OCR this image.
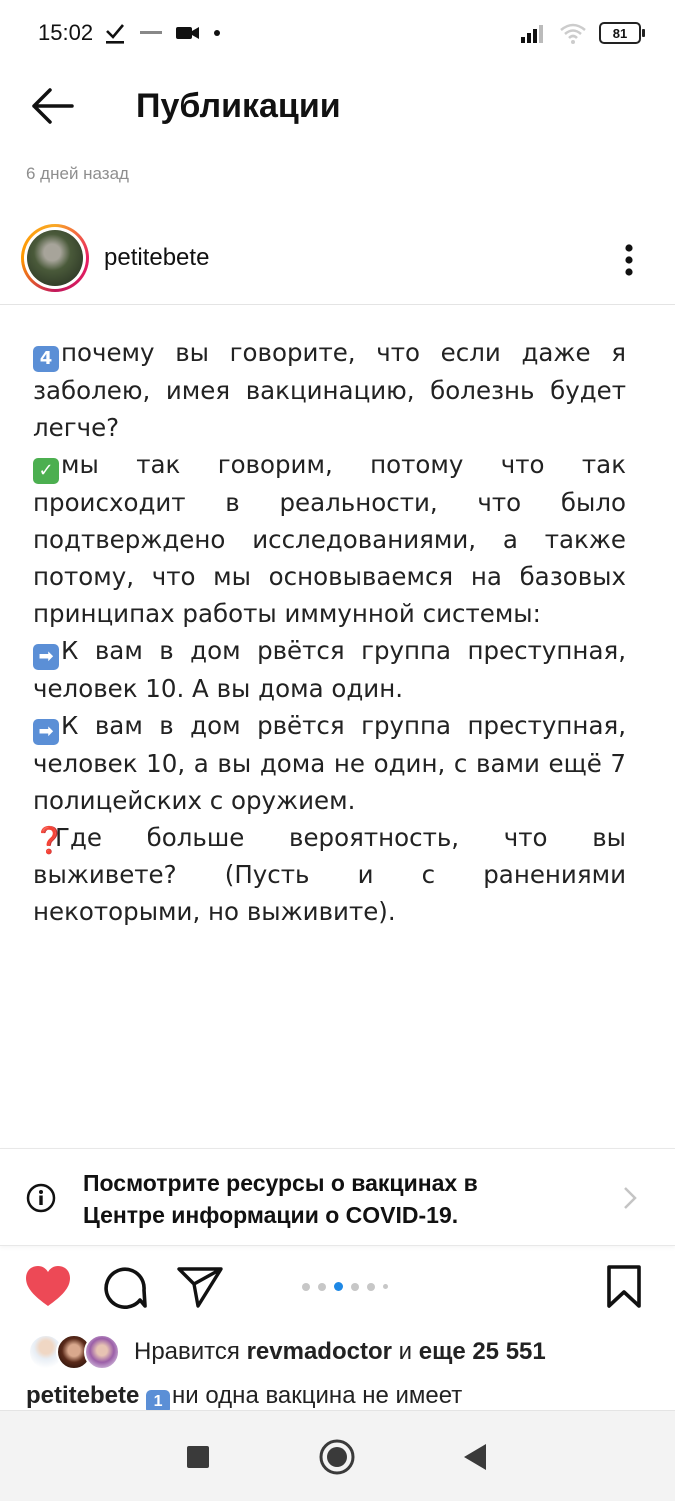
15:02	81
Публикации
6 дней назад
petitebete

4 почему вы говорите, что если даже я заболею, имея вакцинацию, болезнь будет легче?

✓ мы так говорим, потому что так происходит в реальности, что было подтверждено исследованиями, а также потому, что мы основываемся на базовых принципах работы иммунной системы:

➡ К вам в дом рвётся группа преступная, человек 10. А вы дома один.

➡ К вам в дом рвётся группа преступная, человек 10, а вы дома не один, с вами ещё 7 полицейских с оружием.

❓Где больше вероятность, что вы выживете? (Пусть и с ранениями некоторыми, но выживите).

Посмотрите ресурсы о вакцинах в Центре информации о COVID-19.
Нравится revmadoctor и еще 25 551
petitebete 1 ни одна вакцина не имеет
